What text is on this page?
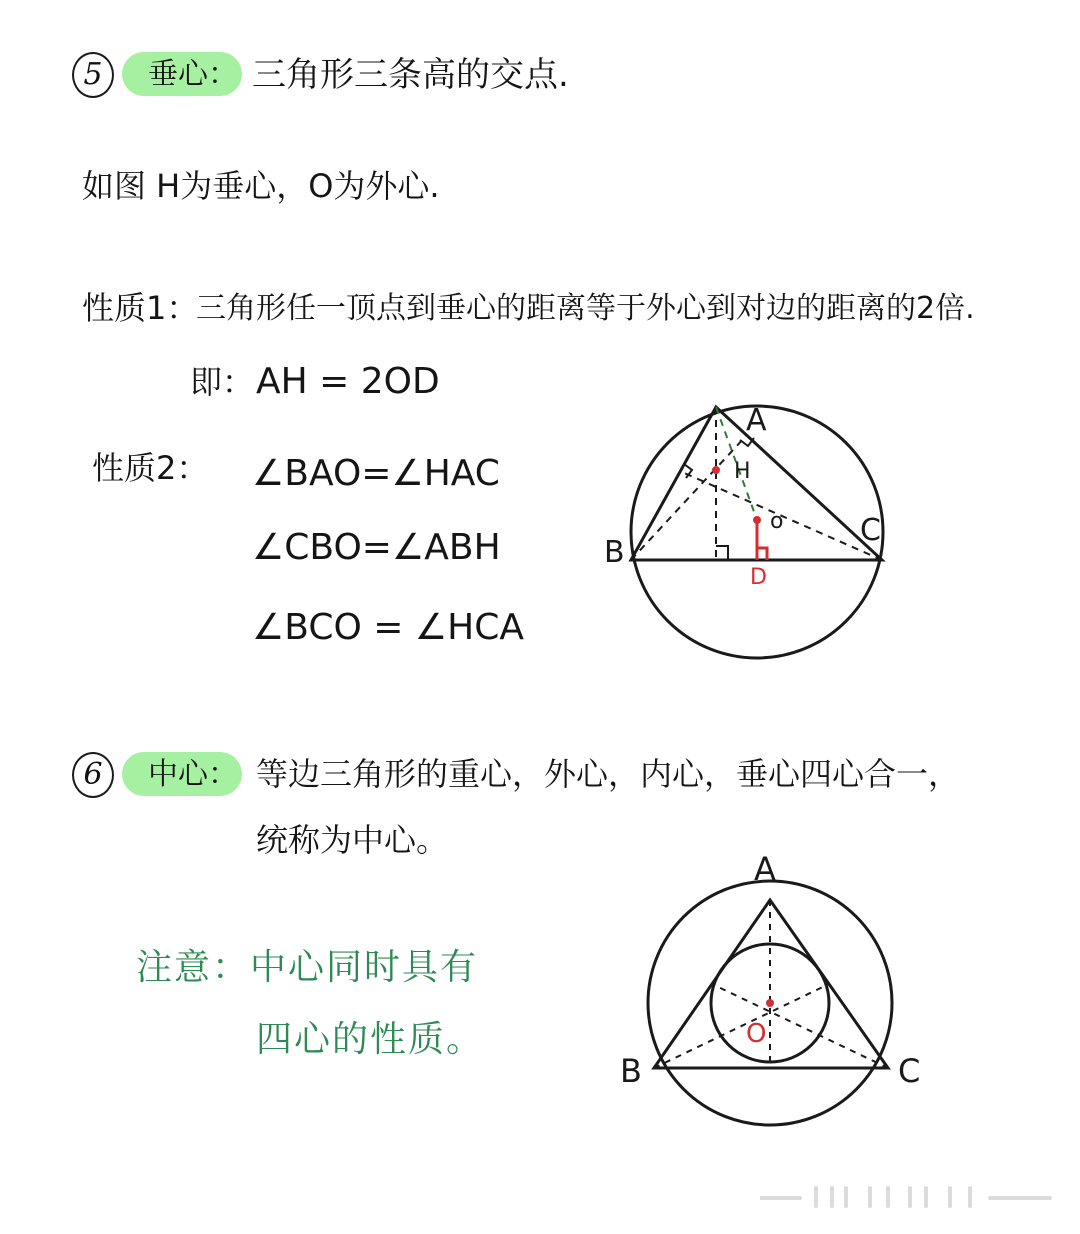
5	垂心： 三角形三条高的交点.
如图 H为垂心，O为外心.
性质1：
三角形任一顶点到垂心的距离等于外心到对边的距离的2倍.
即： AH = 2OD
性质2： ∠BAO=∠HAC
∠CBO=∠ABH
∠BCO = ∠HCA
A
B
C
H
o
D
6	中心： 等边三角形的重心，外心，内心，垂心四心合一，
统称为中心。
注意：中心同时具有
四心的性质。
A
B	C
O
